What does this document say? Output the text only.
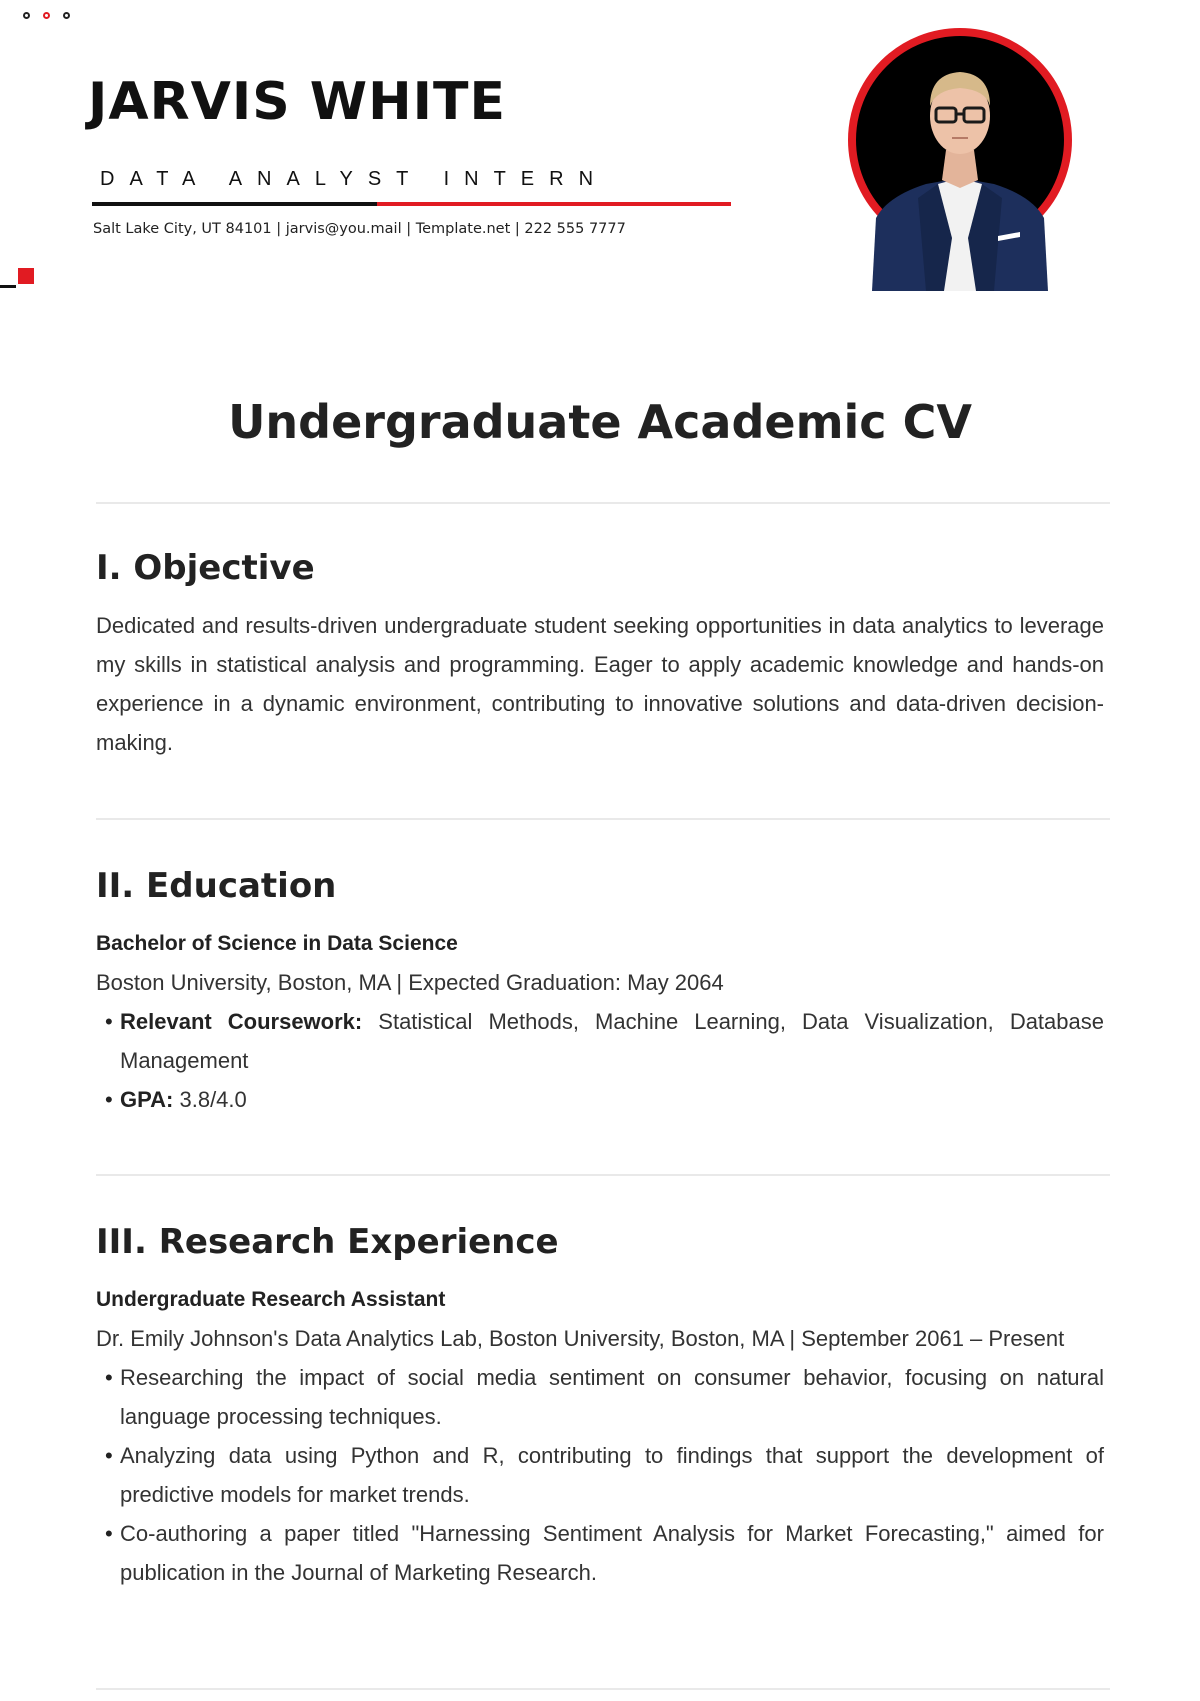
JARVIS WHITE

DATA ANALYST INTERN

Salt Lake City, UT 84101 | jarvis@you.mail | Template.net | 222 555 7777
Undergraduate Academic CV
I. Objective

Dedicated and results-driven undergraduate student seeking opportunities in data analytics to leverage my skills in statistical analysis and programming. Eager to apply academic knowledge and hands-on experience in a dynamic environment, contributing to innovative solutions and data-driven decision-making.

II. Education

Bachelor of Science in Data Science

Boston University, Boston, MA | Expected Graduation: May 2064

• Relevant Coursework: Statistical Methods, Machine Learning, Data Visualization, Database Management
• GPA: 3.8/4.0
III. Research Experience

Undergraduate Research Assistant

Dr. Emily Johnson's Data Analytics Lab, Boston University, Boston, MA | September 2061 – Present

• Researching the impact of social media sentiment on consumer behavior, focusing on natural language processing techniques.
• Analyzing data using Python and R, contributing to findings that support the development of predictive models for market trends.
• Co-authoring a paper titled "Harnessing Sentiment Analysis for Market Forecasting," aimed for publication in the Journal of Marketing Research.
